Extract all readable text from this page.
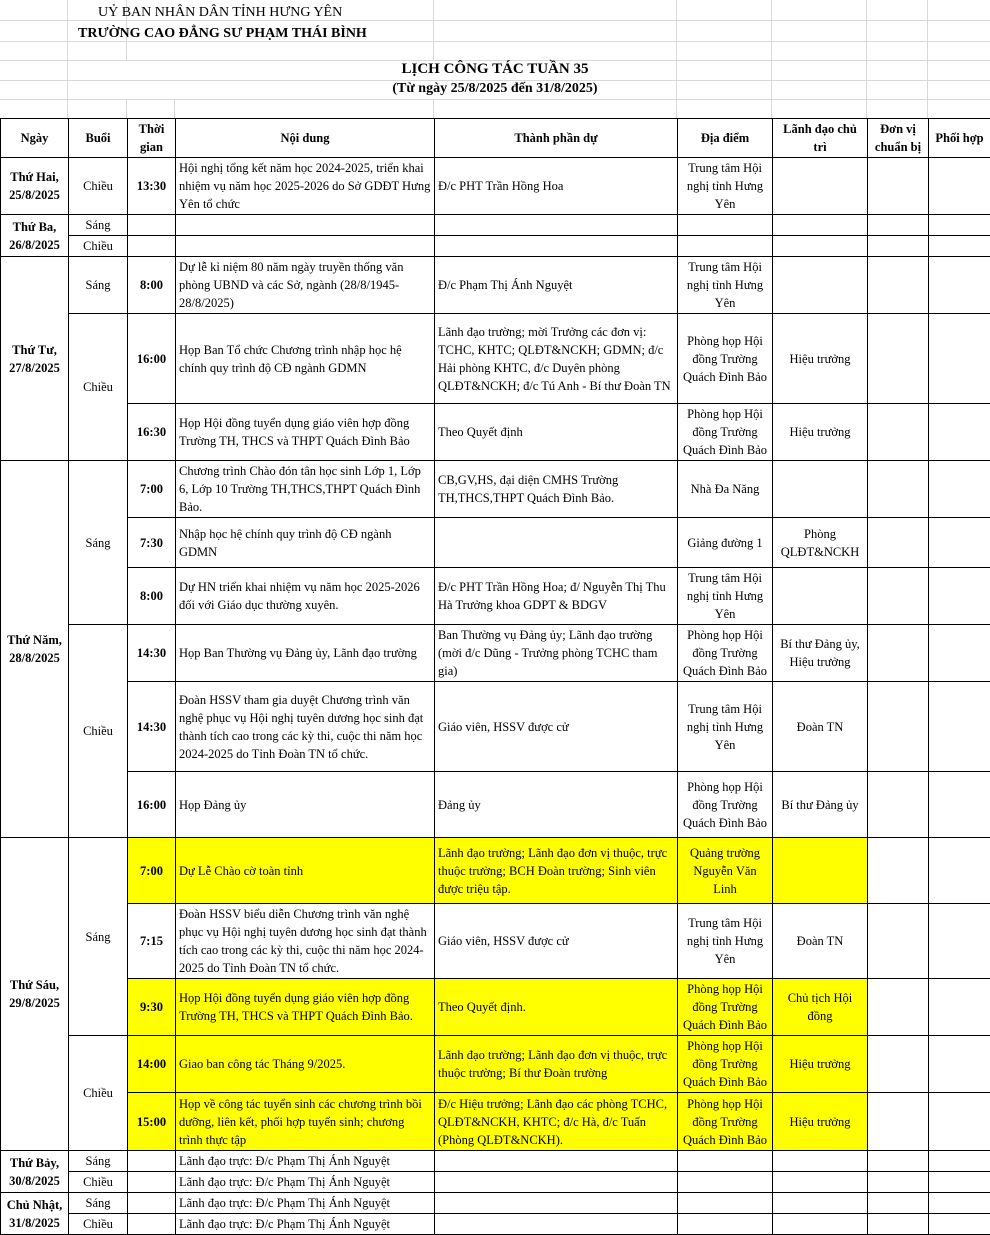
UỶ BAN NHÂN DÂN TỈNH HƯNG YÊN
TRƯỜNG CAO ĐẲNG SƯ PHẠM THÁI BÌNH
LỊCH CÔNG TÁC TUẦN 35
(Từ ngày 25/8/2025 đến 31/8/2025)
Ngày	Buổi	Thời gian	Nội dung	Thành phần dự	Địa điểm	Lãnh đạo chủ trì	Đơn vị chuẩn bị	Phối hợp
Thứ Hai, 25/8/2025	Chiều	13:30	Hội nghị tổng kết năm học 2024-2025, triển khai nhiệm vụ năm học 2025-2026 do Sở GDĐT Hưng Yên tổ chức	Đ/c PHT Trần Hồng Hoa	Trung tâm Hội nghị tỉnh Hưng Yên			
Thứ Ba, 26/8/2025	Sáng							
	Chiều							
Thứ Tư, 27/8/2025	Sáng	8:00	Dự lễ kỉ niệm 80 năm ngày truyền thống văn phòng UBND và các Sở, ngành (28/8/1945-28/8/2025)	Đ/c Phạm Thị Ánh Nguyệt	Trung tâm Hội nghị tỉnh Hưng Yên			
	Chiều	16:00	Họp Ban Tổ chức Chương trình nhập học hệ chính quy trình độ CĐ ngành GDMN	Lãnh đạo trường; mời Trưởng các đơn vị: TCHC, KHTC; QLĐT&NCKH; GDMN; đ/c Hải phòng KHTC, đ/c Duyên phòng QLĐT&NCKH; đ/c Tú Anh - Bí thư Đoàn TN	Phòng họp Hội đồng Trường Quách Đình Bảo	Hiệu trưởng		
		16:30	Họp Hội đồng tuyển dụng giáo viên hợp đồng Trường TH, THCS và THPT Quách Đình Bảo	Theo Quyết định	Phòng họp Hội đồng Trường Quách Đình Bảo	Hiệu trưởng		
Thứ Năm, 28/8/2025	Sáng	7:00	Chương trình Chào đón tân học sinh Lớp 1, Lớp 6, Lớp 10 Trường TH,THCS,THPT Quách Đình Bảo.	CB,GV,HS, đại diện CMHS Trường TH,THCS,THPT Quách Đình Bảo.	Nhà Đa Năng			
		7:30	Nhập học hệ chính quy trình độ CĐ ngành GDMN		Giảng đường 1	Phòng QLĐT&NCKH		
		8:00	Dự HN triển khai nhiệm vụ năm học 2025-2026 đối với Giáo dục thường xuyên.	Đ/c PHT Trần Hồng Hoa; đ/ Nguyễn Thị Thu Hà Trưởng khoa GDPT & BDGV	Trung tâm Hội nghị tỉnh Hưng Yên			
	Chiều	14:30	Họp Ban Thường vụ Đảng ủy, Lãnh đạo trường	Ban Thường vụ Đảng ủy; Lãnh đạo trường (mời đ/c Dũng - Trưởng phòng TCHC tham gia)	Phòng họp Hội đồng Trường Quách Đình Bảo	Bí thư Đảng ủy, Hiệu trưởng		
		14:30	Đoàn HSSV tham gia duyệt Chương trình văn nghệ phục vụ Hội nghị tuyên dương học sinh đạt thành tích cao trong các kỳ thi, cuộc thi năm học 2024-2025 do Tỉnh Đoàn TN tổ chức.	Giáo viên, HSSV được cử	Trung tâm Hội nghị tỉnh Hưng Yên	Đoàn TN		
		16:00	Họp Đảng ủy	Đảng ủy	Phòng họp Hội đồng Trường Quách Đình Bảo	Bí thư Đảng ủy		
Thứ Sáu, 29/8/2025	Sáng	7:00	Dự Lễ Chào cờ toàn tỉnh	Lãnh đạo trường; Lãnh đạo đơn vị thuộc, trực thuộc trường; BCH Đoàn trường; Sinh viên được triệu tập.	Quảng trường Nguyễn Văn Linh			
		7:15	Đoàn HSSV biểu diễn Chương trình văn nghệ phục vụ Hội nghị tuyên dương học sinh đạt thành tích cao trong các kỳ thi, cuộc thi năm học 2024-2025 do Tỉnh Đoàn TN tổ chức.	Giáo viên, HSSV được cử	Trung tâm Hội nghị tỉnh Hưng Yên	Đoàn TN		
		9:30	Họp Hội đồng tuyển dụng giáo viên hợp đồng Trường TH, THCS và THPT Quách Đình Bảo.	Theo Quyết định.	Phòng họp Hội đồng Trường Quách Đình Bảo	Chủ tịch Hội đồng		
	Chiều	14:00	Giao ban công tác Tháng 9/2025.	Lãnh đạo trường; Lãnh đạo đơn vị thuộc, trực thuộc trường; Bí thư Đoàn trường	Phòng họp Hội đồng Trường Quách Đình Bảo	Hiệu trưởng		
		15:00	Họp về công tác tuyển sinh các chương trình bồi dưỡng, liên kết, phối hợp tuyển sinh; chương trình thực tập	Đ/c Hiệu trưởng; Lãnh đạo các phòng TCHC, QLĐT&NCKH, KHTC; đ/c Hà, đ/c Tuấn (Phòng QLĐT&NCKH).	Phòng họp Hội đồng Trường Quách Đình Bảo	Hiệu trưởng		
Thứ Bảy, 30/8/2025	Sáng		Lãnh đạo trực: Đ/c Phạm Thị Ánh Nguyệt					
	Chiều		Lãnh đạo trực: Đ/c Phạm Thị Ánh Nguyệt					
Chủ Nhật, 31/8/2025	Sáng		Lãnh đạo trực: Đ/c Phạm Thị Ánh Nguyệt					
	Chiều		Lãnh đạo trực: Đ/c Phạm Thị Ánh Nguyệt					
